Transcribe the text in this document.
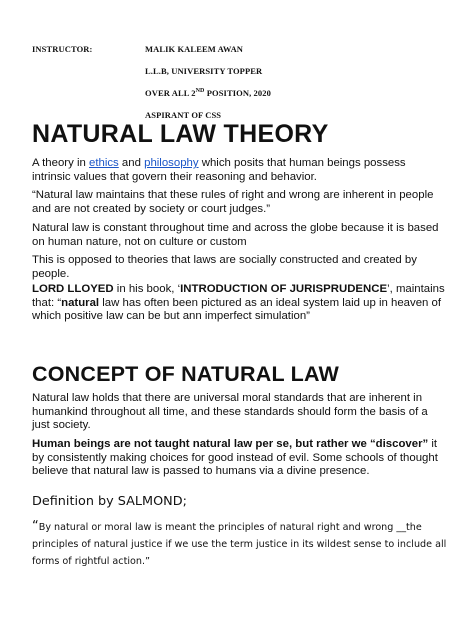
INSTRUCTOR:	MALIK KALEEM AWAN
L.L.B, UNIVERSITY TOPPER
OVER ALL 2ND POSITION, 2020
ASPIRANT OF CSS
NATURAL LAW THEORY

A theory in ethics and philosophy which posits that human beings possess intrinsic values that govern their reasoning and behavior.

“Natural law maintains that these rules of right and wrong are inherent in people and are not created by society or court judges.”

Natural law is constant throughout time and across the globe because it is based on human nature, not on culture or custom

This is opposed to theories that laws are socially constructed and created by people.

LORD LLOYED in his book, ‘INTRODUCTION OF JURISPRUDENCE’, maintains that: “natural law has often been pictured as an ideal system laid up in heaven of which positive law can be but ann imperfect simulation”

CONCEPT OF NATURAL LAW

Natural law holds that there are universal moral standards that are inherent in humankind throughout all time, and these standards should form the basis of a just society.

Human beings are not taught natural law per se, but rather we “discover” it by consistently making choices for good instead of evil. Some schools of thought believe that natural law is passed to humans via a divine presence.

Definition by SALMOND;
“By natural or moral law is meant the principles of natural right and wrong __the principles of natural justice if we use the term justice in its wildest sense to include all forms of rightful action.”
